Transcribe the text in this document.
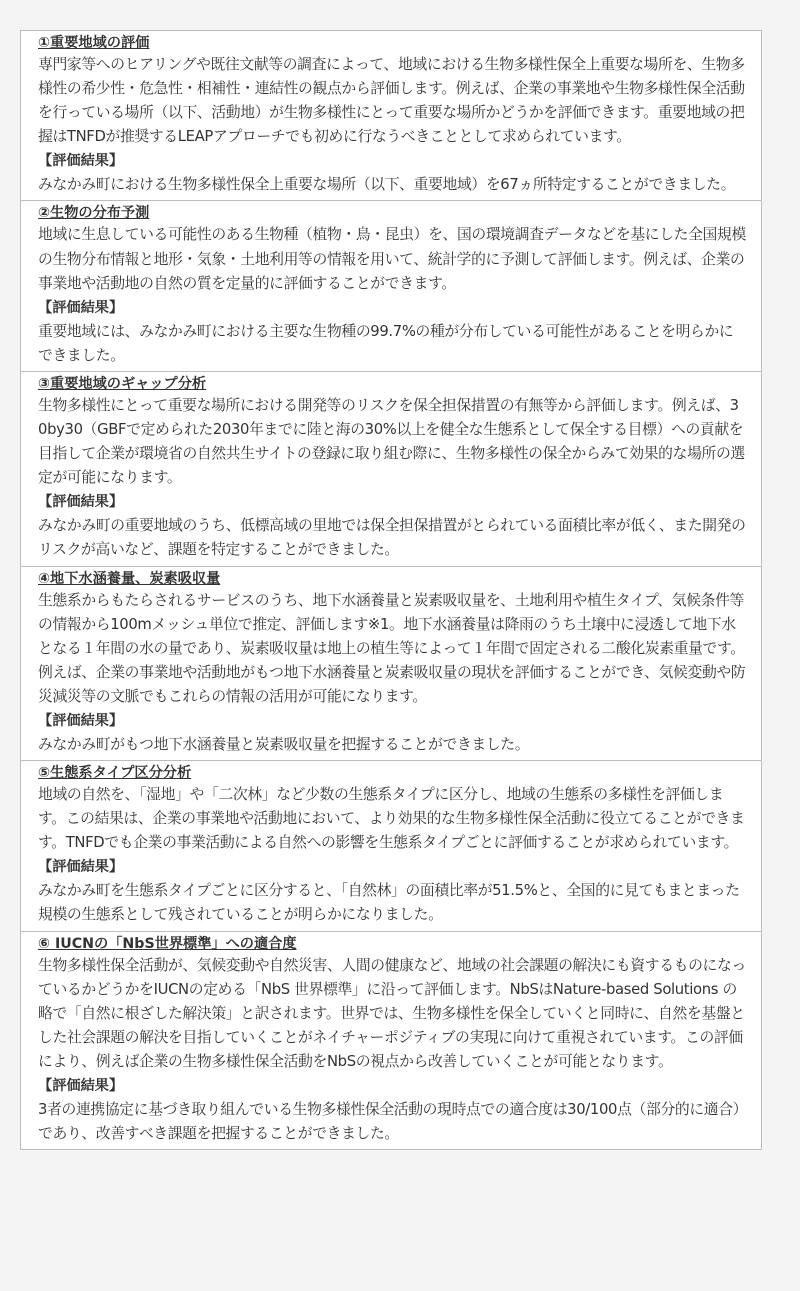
①重要地域の評価

専門家等へのヒアリングや既往文献等の調査によって、地域における生物多様性保全上重要な場所を、生物多様性の希少性・危急性・相補性・連結性の観点から評価します。例えば、企業の事業地や生物多様性保全活動を行っている場所（以下、活動地）が生物多様性にとって重要な場所かどうかを評価できます。重要地域の把握はTNFDが推奨するLEAPアプローチでも初めに行なうべきこととして求められています。

【評価結果】

みなかみ町における生物多様性保全上重要な場所（以下、重要地域）を67ヵ所特定することができました。

②生物の分布予測

地域に生息している可能性のある生物種（植物・鳥・昆虫）を、国の環境調査データなどを基にした全国規模の生物分布情報と地形・気象・土地利用等の情報を用いて、統計学的に予測して評価します。例えば、企業の事業地や活動地の自然の質を定量的に評価することができます。

【評価結果】

重要地域には、みなかみ町における主要な生物種の99.7%の種が分布している可能性があることを明らかにできました。

③重要地域のギャップ分析

生物多様性にとって重要な場所における開発等のリスクを保全担保措置の有無等から評価します。例えば、30by30（GBFで定められた2030年までに陸と海の30%以上を健全な生態系として保全する目標）への貢献を目指して企業が環境省の自然共生サイトの登録に取り組む際に、生物多様性の保全からみて効果的な場所の選定が可能になります。

【評価結果】

みなかみ町の重要地域のうち、低標高域の里地では保全担保措置がとられている面積比率が低く、また開発のリスクが高いなど、課題を特定することができました。

④地下水涵養量、炭素吸収量

生態系からもたらされるサービスのうち、地下水涵養量と炭素吸収量を、土地利用や植生タイプ、気候条件等の情報から100mメッシュ単位で推定、評価します※1。地下水涵養量は降雨のうち土壌中に浸透して地下水となる１年間の水の量であり、炭素吸収量は地上の植生等によって１年間で固定される二酸化炭素重量です。例えば、企業の事業地や活動地がもつ地下水涵養量と炭素吸収量の現状を評価することができ、気候変動や防災減災等の文脈でもこれらの情報の活用が可能になります。

【評価結果】

みなかみ町がもつ地下水涵養量と炭素吸収量を把握することができました。

⑤生態系タイプ区分分析

地域の自然を、「湿地」や「二次林」など少数の生態系タイプに区分し、地域の生態系の多様性を評価します。この結果は、企業の事業地や活動地において、より効果的な生物多様性保全活動に役立てることができます。TNFDでも企業の事業活動による自然への影響を生態系タイプごとに評価することが求められています。

【評価結果】

みなかみ町を生態系タイプごとに区分すると、「自然林」の面積比率が51.5%と、全国的に見てもまとまった規模の生態系として残されていることが明らかになりました。

⑥ IUCNの「NbS世界標準」への適合度

生物多様性保全活動が、気候変動や自然災害、人間の健康など、地域の社会課題の解決にも資するものになっているかどうかをIUCNの定める「NbS 世界標準」に沿って評価します。NbSはNature-based Solutions の略で「自然に根ざした解決策」と訳されます。世界では、生物多様性を保全していくと同時に、自然を基盤とした社会課題の解決を目指していくことがネイチャーポジティブの実現に向けて重視されています。この評価により、例えば企業の生物多様性保全活動をNbSの視点から改善していくことが可能となります。

【評価結果】

3者の連携協定に基づき取り組んでいる生物多様性保全活動の現時点での適合度は30/100点（部分的に適合）であり、改善すべき課題を把握することができました。
